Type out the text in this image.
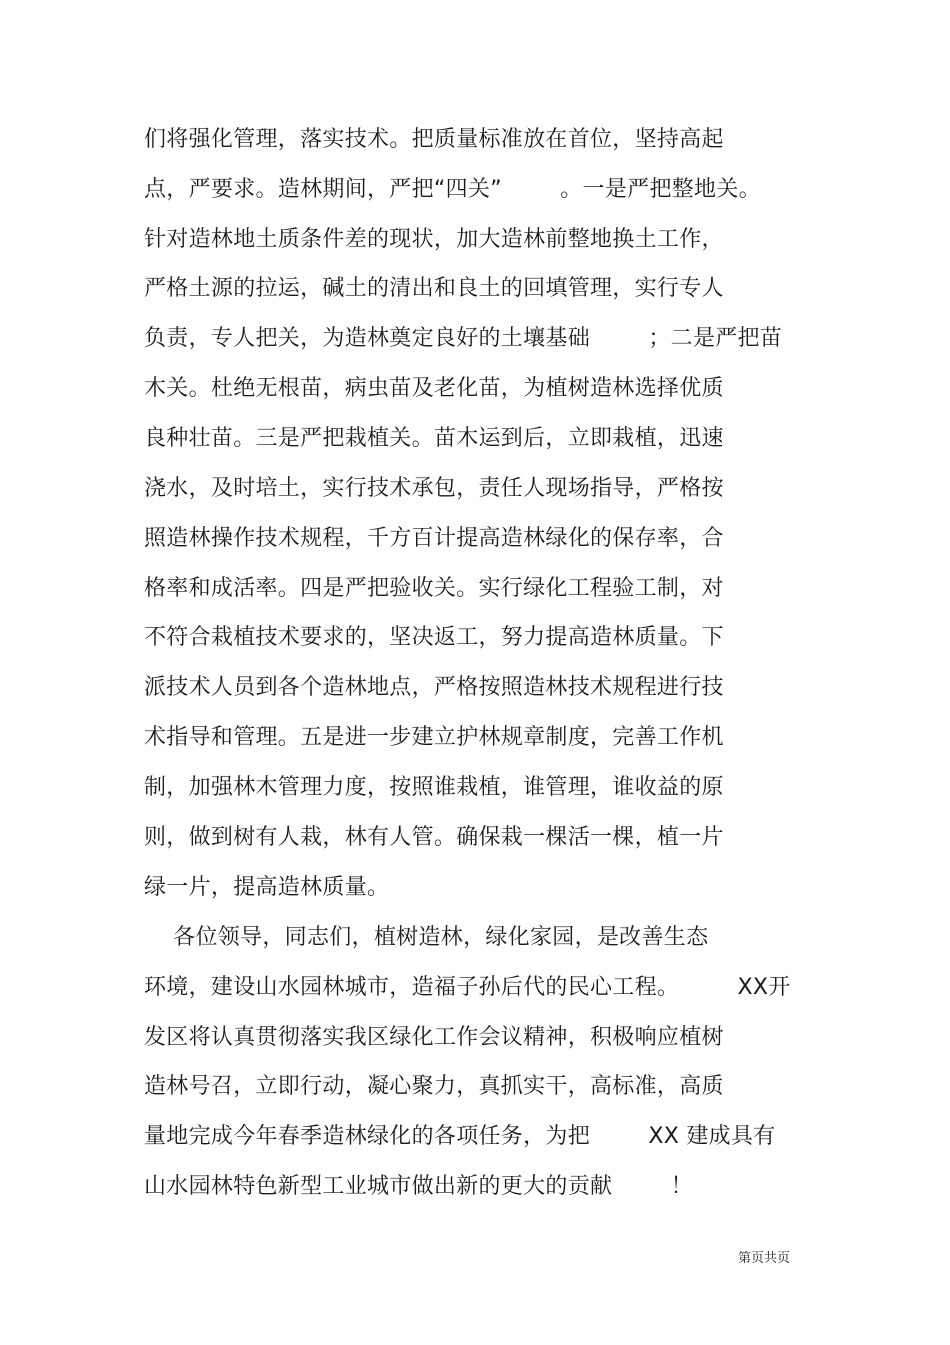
们将强化管理，落实技术。把质量标准放在首位，坚持高起
点，严要求。造林期间，严把“四关”        。一是严把整地关。
针对造林地土质条件差的现状，加大造林前整地换土工作，
严格土源的拉运，碱土的清出和良土的回填管理，实行专人
负责，专人把关，为造林奠定良好的土壤基础        ；二是严把苗
木关。杜绝无根苗，病虫苗及老化苗，为植树造林选择优质
良种壮苗。三是严把栽植关。苗木运到后，立即栽植，迅速
浇水，及时培土，实行技术承包，责任人现场指导，严格按
照造林操作技术规程，千方百计提高造林绿化的保存率，合
格率和成活率。四是严把验收关。实行绿化工程验工制，对
不符合栽植技术要求的，坚决返工，努力提高造林质量。下
派技术人员到各个造林地点，严格按照造林技术规程进行技
术指导和管理。五是进一步建立护林规章制度，完善工作机
制，加强林木管理力度，按照谁栽植，谁管理，谁收益的原
则，做到树有人栽，林有人管。确保栽一棵活一棵，植一片
绿一片，提高造林质量。
各位领导，同志们，植树造林，绿化家园，是改善生态
环境，建设山水园林城市，造福子孙后代的民心工程。        XX开
发区将认真贯彻落实我区绿化工作会议精神，积极响应植树
造林号召，立即行动，凝心聚力，真抓实干，高标准，高质
量地完成今年春季造林绿化的各项任务，为把        XX 建成具有
山水园林特色新型工业城市做出新的更大的贡献        ！
第页共页
